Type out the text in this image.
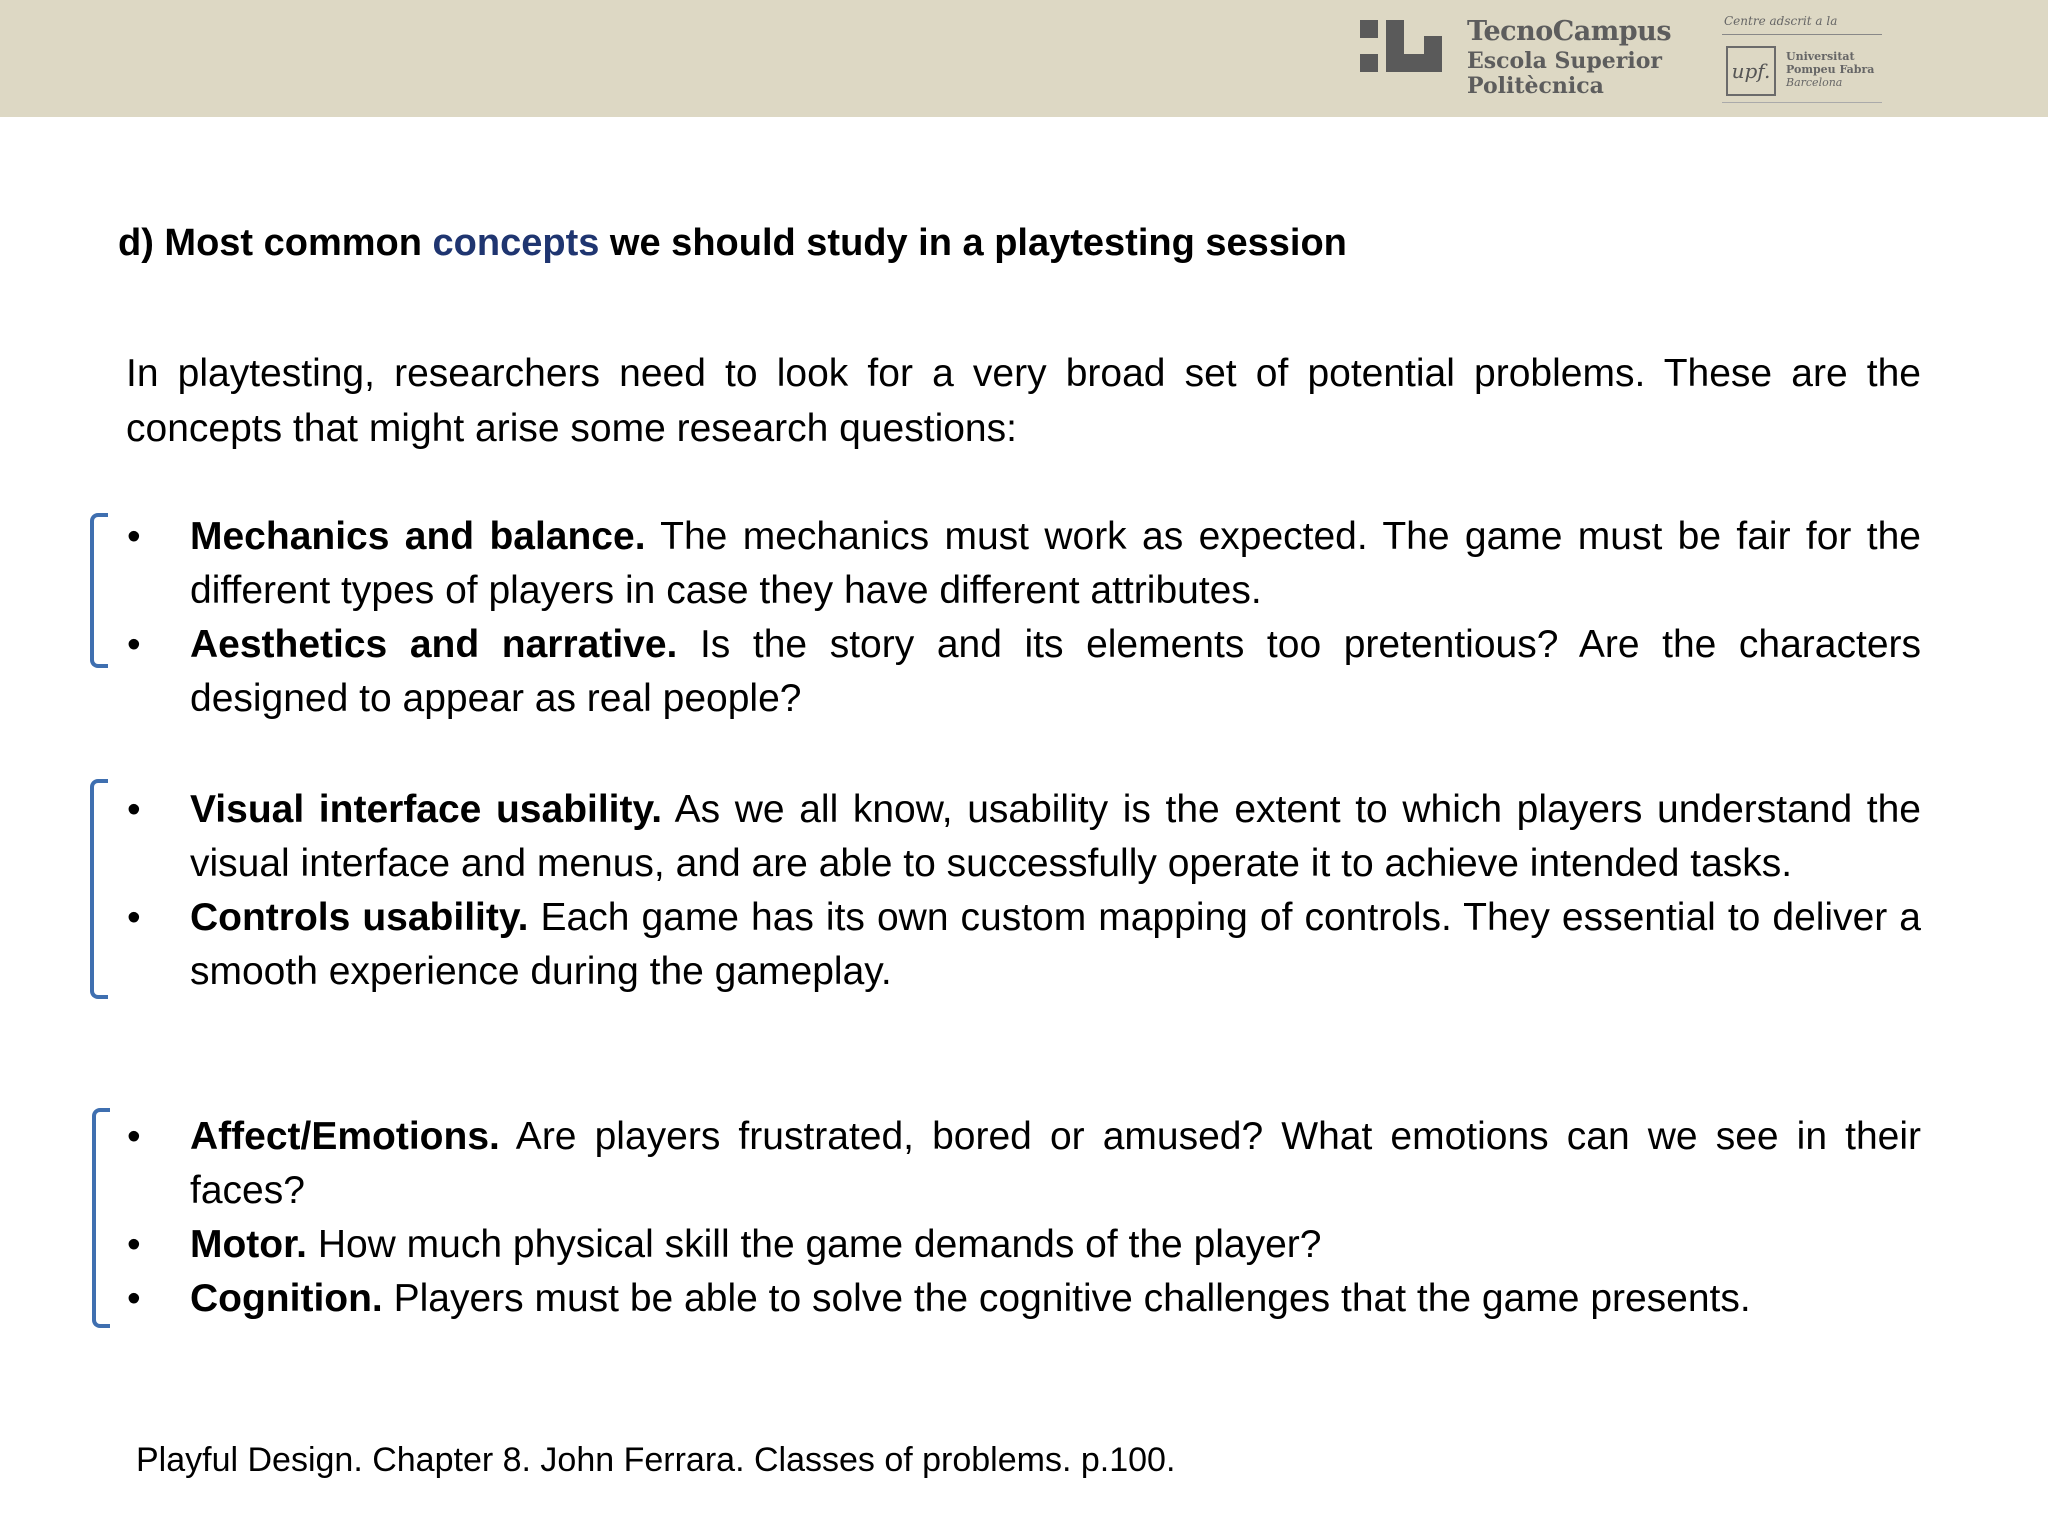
TecnoCampus
Escola Superior
Politècnica
Centre adscrit a la
upf.
Universitat
Pompeu Fabra
Barcelona
d) Most common concepts we should study in a playtesting session
In playtesting, researchers need to look for a very broad set of potential problems. These are the concepts that might arise some research questions:
• Mechanics and balance. The mechanics must work as expected. The game must be fair for the different types of players in case they have different attributes.
• Aesthetics and narrative. Is the story and its elements too pretentious? Are the characters designed to appear as real people?
• Visual interface usability. As we all know, usability is the extent to which players understand the visual interface and menus, and are able to successfully operate it to achieve intended tasks.
• Controls usability. Each game has its own custom mapping of controls. They essential to deliver a smooth experience during the gameplay.
• Affect/Emotions. Are players frustrated, bored or amused? What emotions can we see in their faces?
• Motor. How much physical skill the game demands of the player?
• Cognition. Players must be able to solve the cognitive challenges that the game presents.
Playful Design. Chapter 8. John Ferrara. Classes of problems. p.100.
